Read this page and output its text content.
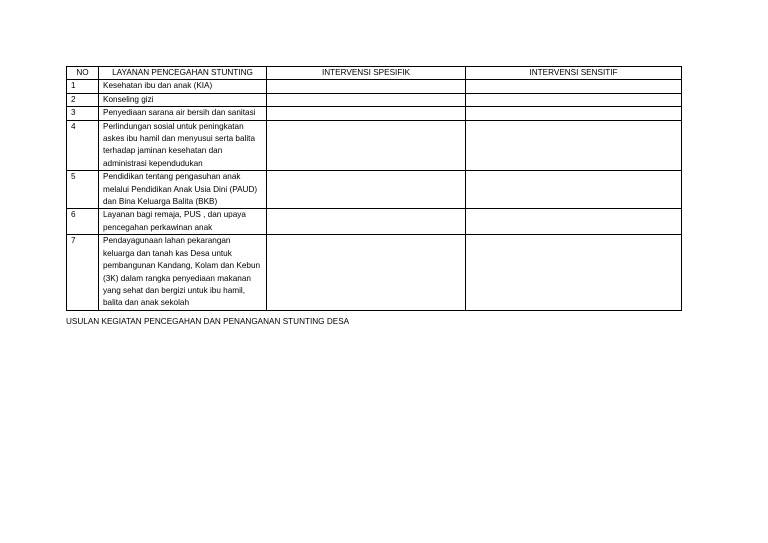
NO	LAYANAN PENCEGAHAN STUNTING	INTERVENSI SPESIFIK	INTERVENSI SENSITIF
1	Kesehatan ibu dan anak (KIA)		
2	Konseling gizi		
3	Penyediaan sarana air bersih dan sanitasi		
4	Perlindungan sosial untuk peningkatan askes ibu hamil dan menyusui serta balita terhadap jaminan kesehatan dan administrasi kependudukan		
5	Pendidikan tentang pengasuhan anak melalui Pendidikan Anak Usia Dini (PAUD) dan Bina Keluarga Balita (BKB)		
6	Layanan bagi remaja, PUS , dan upaya pencegahan perkawinan anak		
7	Pendayagunaan lahan pekarangan keluarga dan tanah kas Desa untuk pembangunan Kandang, Kolam dan Kebun (3K) dalam rangka penyediaan makanan yang sehat dan bergizi untuk ibu hamil, balita dan anak sekolah		
USULAN KEGIATAN PENCEGAHAN DAN PENANGANAN STUNTING DESA
